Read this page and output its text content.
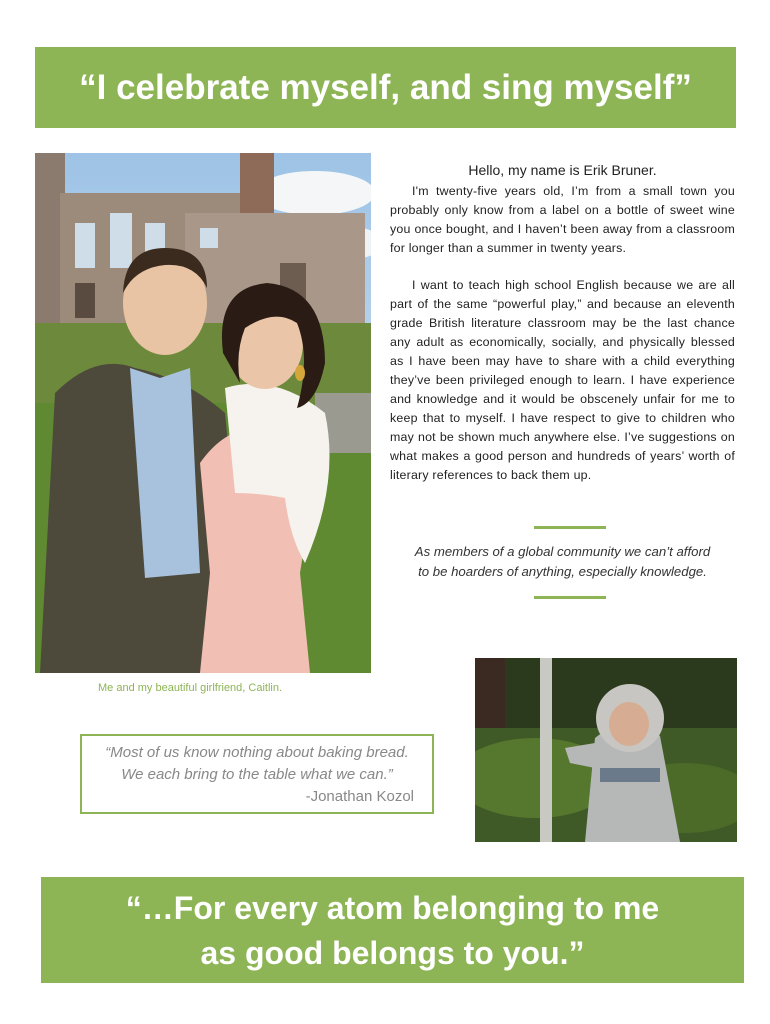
“I celebrate myself, and sing myself”
Me and my beautiful girlfriend, Caitlin.
Hello, my name is Erik Bruner.

I'm twenty-five years old, I’m from a small town you probably only know from a label on a bottle of sweet wine you once bought, and I haven’t been away from a classroom for longer than a summer in twenty years.

I want to teach high school English because we are all part of the same “powerful play,” and because an eleventh grade British literature classroom may be the last chance any adult as economically, socially, and physically blessed as I have been may have to share with a child everything they’ve been privileged enough to learn. I have experience and knowledge and it would be obscenely unfair for me to keep that to myself. I have respect to give to children who may not be shown much anywhere else. I’ve suggestions on what makes a good person and hundreds of years’ worth of literary references to back them up.

As members of a global community we can’t afford
to be hoarders of anything, especially knowledge.
“Most of us know nothing about baking bread.
We each bring to the table what we can.”
-Jonathan Kozol
“…For every atom belonging to me
as good belongs to you.”
